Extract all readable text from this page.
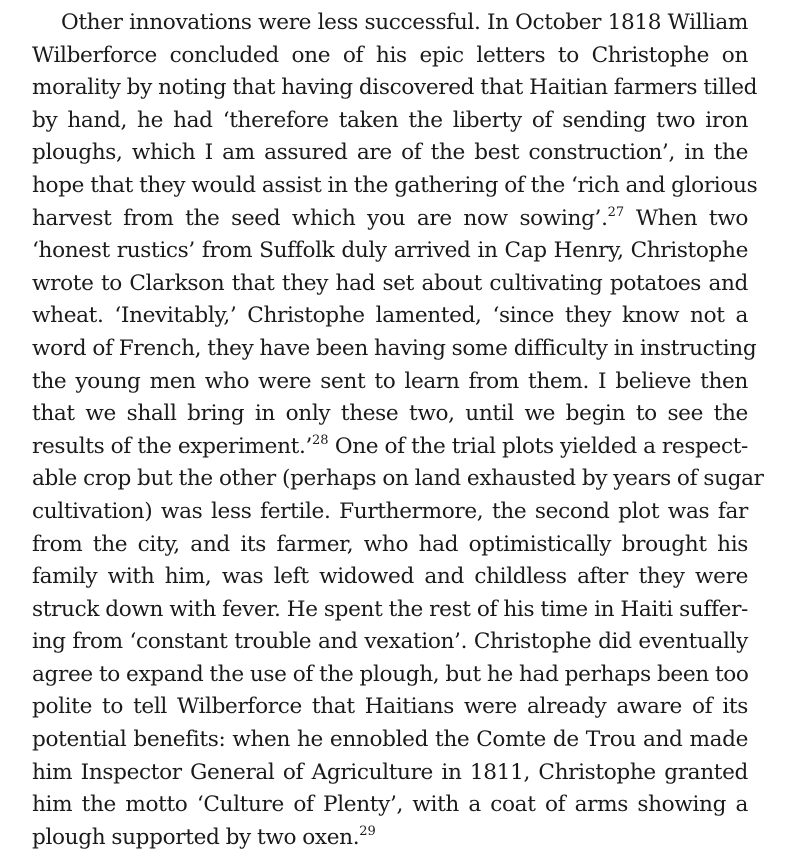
Other innovations were less successful. In October 1818 William
Wilberforce concluded one of his epic letters to Christophe on
morality by noting that having discovered that Haitian farmers tilled
by hand, he had ‘therefore taken the liberty of sending two iron
ploughs, which I am assured are of the best construction’, in the
hope that they would assist in the gathering of the ‘rich and glorious
harvest from the seed which you are now sowing’.$^{27}$ When two
‘honest rustics’ from Suffolk duly arrived in Cap Henry, Christophe
wrote to Clarkson that they had set about cultivating potatoes and
wheat. ‘Inevitably,’ Christophe lamented, ‘since they know not a
word of French, they have been having some difficulty in instructing
the young men who were sent to learn from them. I believe then
that we shall bring in only these two, until we begin to see the
results of the experiment.’$^{28}$ One of the trial plots yielded a respect-
able crop but the other (perhaps on land exhausted by years of sugar
cultivation) was less fertile. Furthermore, the second plot was far
from the city, and its farmer, who had optimistically brought his
family with him, was left widowed and childless after they were
struck down with fever. He spent the rest of his time in Haiti suffer-
ing from ‘constant trouble and vexation’. Christophe did eventually
agree to expand the use of the plough, but he had perhaps been too
polite to tell Wilberforce that Haitians were already aware of its
potential benefits: when he ennobled the Comte de Trou and made
him Inspector General of Agriculture in 1811, Christophe granted
him the motto ‘Culture of Plenty’, with a coat of arms showing a
plough supported by two oxen.$^{29}$
